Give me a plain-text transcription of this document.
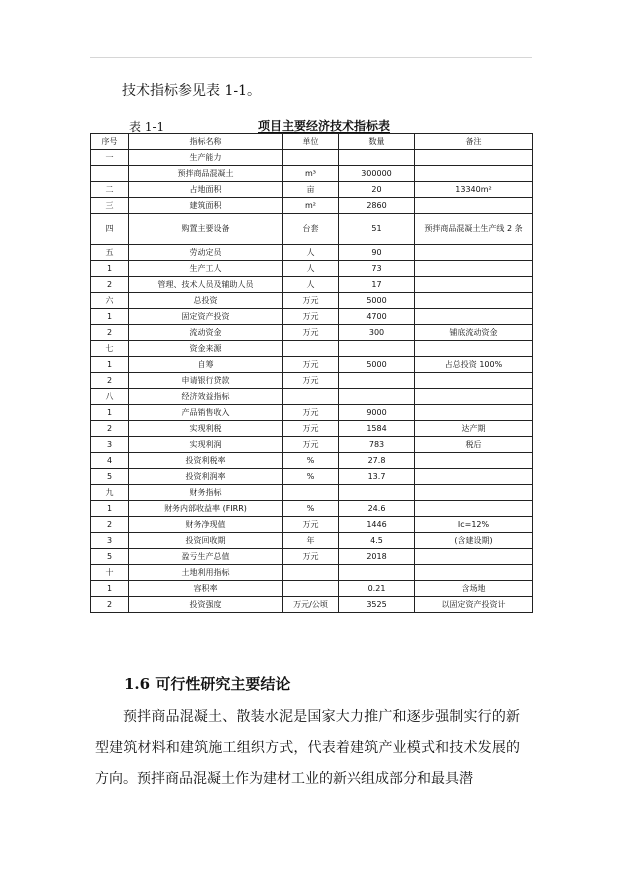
技术指标参见表 1-1。
表 1-1	项目主要经济技术指标表
序号	指标名称	单位	数量	备注
一	生产能力			
	预拌商品混凝土	m³	300000	
二	占地面积	亩	20	13340m²
三	建筑面积	m²	2860	
四	购置主要设备	台套	51	预拌商品混凝土生产线 2 条
五	劳动定员	人	90	
1	生产工人	人	73	
2	管理、技术人员及辅助人员	人	17	
六	总投资	万元	5000	
1	固定资产投资	万元	4700	
2	流动资金	万元	300	铺底流动资金
七	资金来源			
1	自筹	万元	5000	占总投资 100%
2	申请银行贷款	万元		
八	经济效益指标			
1	产品销售收入	万元	9000	
2	实现利税	万元	1584	达产期
3	实现利润	万元	783	税后
4	投资利税率	%	27.8	
5	投资利润率	%	13.7	
九	财务指标			
1	财务内部收益率 (FIRR)	%	24.6	
2	财务净现值	万元	1446	Ic=12%
3	投资回收期	年	4.5	(含建设期)
5	盈亏生产总值	万元	2018	
十	土地利用指标			
1	容积率		0.21	含场地
2	投资强度	万元/公顷	3525	以固定资产投资计
1.6 可行性研究主要结论

预拌商品混凝土、散装水泥是国家大力推广和逐步强制实行的新型建筑材料和建筑施工组织方式，代表着建筑产业模式和技术发展的方向。预拌商品混凝土作为建材工业的新兴组成部分和最具潜
